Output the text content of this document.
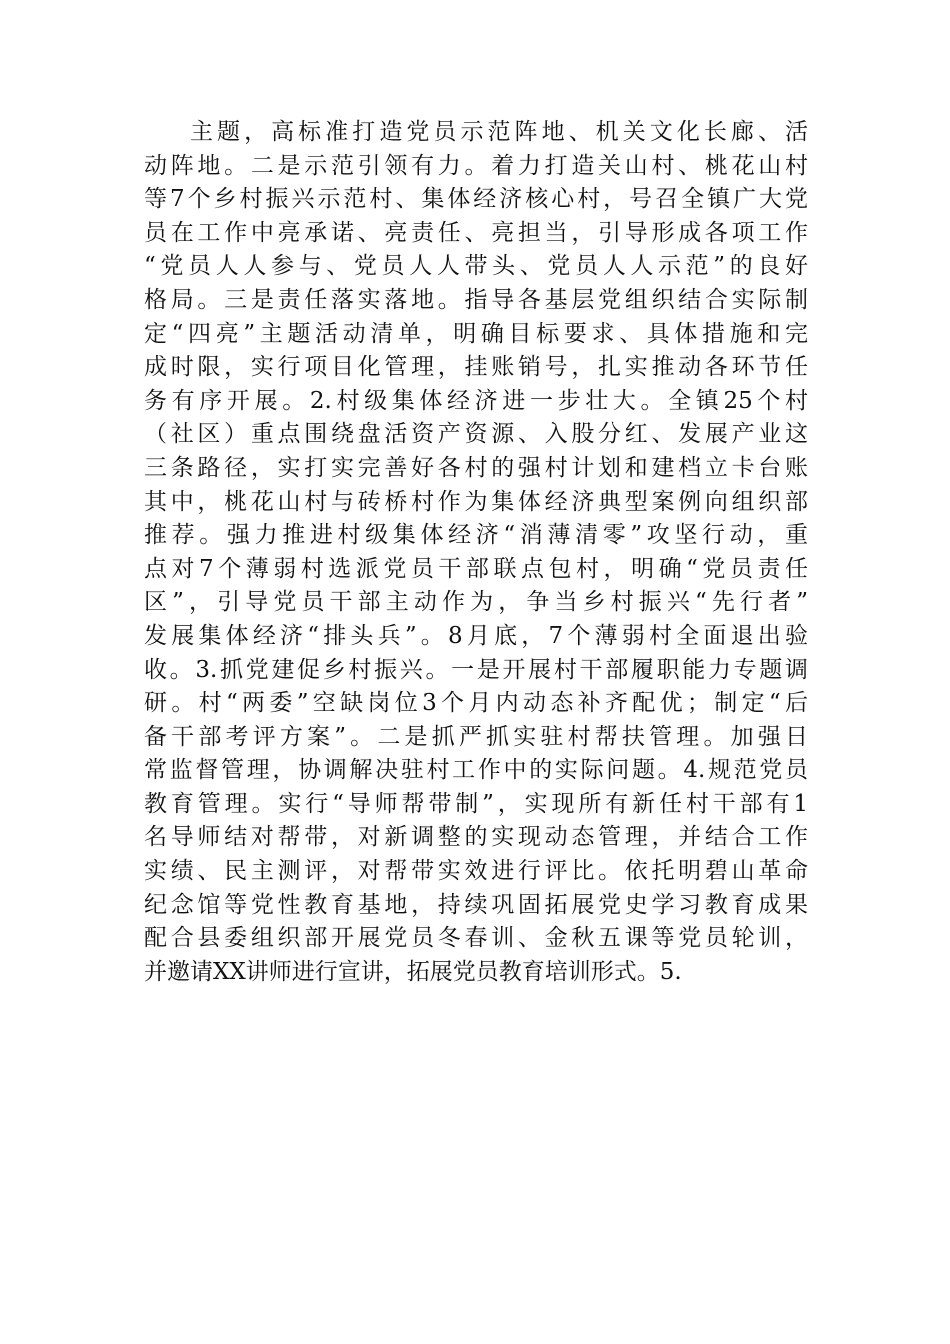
主题，高标准打造党员示范阵地、机关文化长廊、活
动阵地。二是示范引领有力。着力打造关山村、桃花山村
等7个乡村振兴示范村、集体经济核心村，号召全镇广大党
员在工作中亮承诺、亮责任、亮担当，引导形成各项工作
“党员人人参与、党员人人带头、党员人人示范”的良好
格局。三是责任落实落地。指导各基层党组织结合实际制
定“四亮”主题活动清单，明确目标要求、具体措施和完
成时限，实行项目化管理，挂账销号，扎实推动各环节任
务有序开展。2.村级集体经济进一步壮大。全镇25个村
（社区）重点围绕盘活资产资源、入股分红、发展产业这
三条路径，实打实完善好各村的强村计划和建档立卡台账
其中，桃花山村与砖桥村作为集体经济典型案例向组织部
推荐。强力推进村级集体经济“消薄清零”攻坚行动，重
点对7个薄弱村选派党员干部联点包村，明确“党员责任
区”，引导党员干部主动作为，争当乡村振兴“先行者”
发展集体经济“排头兵”。8月底，7个薄弱村全面退出验
收。3.抓党建促乡村振兴。一是开展村干部履职能力专题调
研。村“两委”空缺岗位3个月内动态补齐配优；制定“后
备干部考评方案”。二是抓严抓实驻村帮扶管理。加强日
常监督管理，协调解决驻村工作中的实际问题。4.规范党员
教育管理。实行“导师帮带制”，实现所有新任村干部有1
名导师结对帮带，对新调整的实现动态管理，并结合工作
实绩、民主测评，对帮带实效进行评比。依托明碧山革命
纪念馆等党性教育基地，持续巩固拓展党史学习教育成果
配合县委组织部开展党员冬春训、金秋五课等党员轮训，
并邀请XX讲师进行宣讲，拓展党员教育培训形式。5.
